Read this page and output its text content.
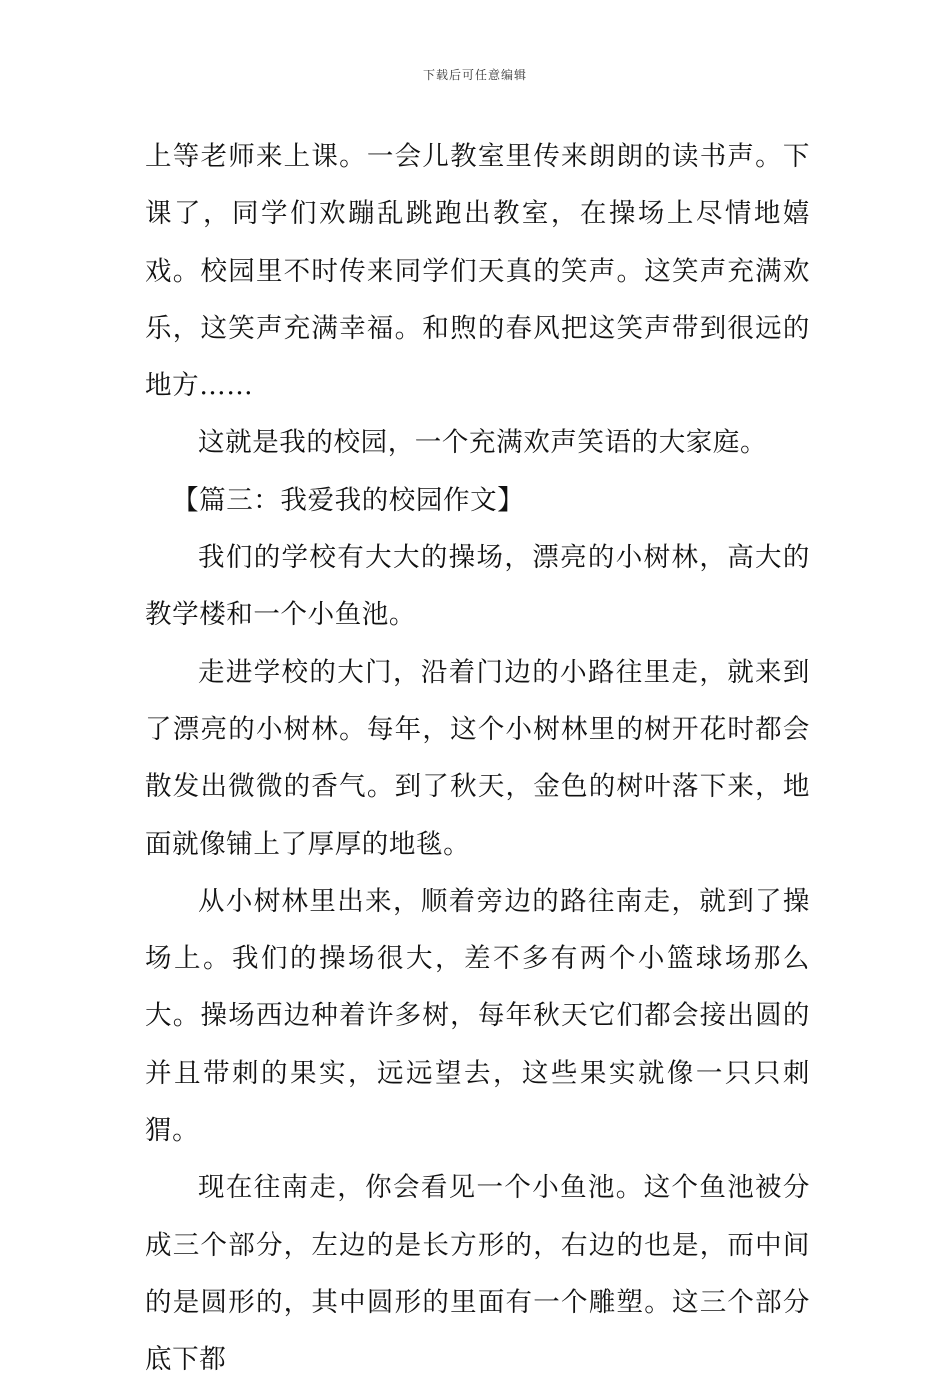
下载后可任意编辑

上等老师来上课。一会儿教室里传来朗朗的读书声。下课了，同学们欢蹦乱跳跑出教室，在操场上尽情地嬉戏。校园里不时传来同学们天真的笑声。这笑声充满欢乐，这笑声充满幸福。和煦的春风把这笑声带到很远的地方……

这就是我的校园，一个充满欢声笑语的大家庭。

【篇三：我爱我的校园作文】

我们的学校有大大的操场，漂亮的小树林，高大的教学楼和一个小鱼池。

走进学校的大门，沿着门边的小路往里走，就来到了漂亮的小树林。每年，这个小树林里的树开花时都会散发出微微的香气。到了秋天，金色的树叶落下来，地面就像铺上了厚厚的地毯。

从小树林里出来，顺着旁边的路往南走，就到了操场上。我们的操场很大，差不多有两个小篮球场那么大。操场西边种着许多树，每年秋天它们都会接出圆的并且带刺的果实，远远望去，这些果实就像一只只刺猬。

现在往南走，你会看见一个小鱼池。这个鱼池被分成三个部分，左边的是长方形的，右边的也是，而中间的是圆形的，其中圆形的里面有一个雕塑。这三个部分底下都
